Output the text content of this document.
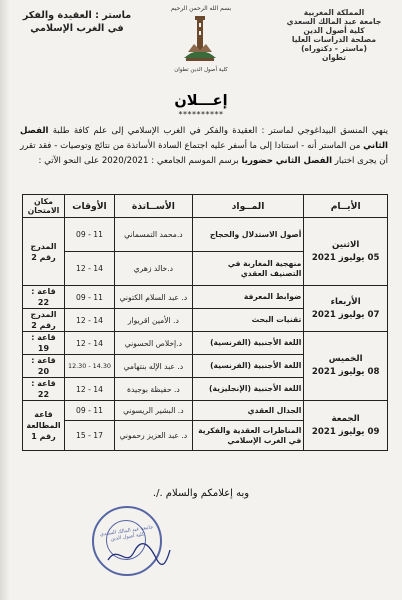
بسم الله الرحمن الرحيم	المملكة المغربية
جامعة عبد المالك السعدي
كلية أصول الدين
مصلحة الدراسات العليا
(ماستر - دكتوراه)
تطوان
ماستر : العقيدة والفكر
في الغرب الإسلامي
كلية أصول الدين تطوان
إعـــلان
**********
ينهي المنسق البيداغوجي لماستر : العقيدة والفكر في الغرب الإسلامي إلى علم كافة طلبة الفصل الثاني من الماستر أنه - استنادا إلى ما أسفر عليه اجتماع السادة الأساتذة من نتائج وتوصيات - فقد تقرر أن يجرى اختبار الفصل الثاني حضوريا برسم الموسم الجامعي : 2020/2021 على النحو الآتي :
الأيــام	المــواد	الأســاتذة	الأوقات	مكان الامتحان

الاثنين
05 يوليوز 2021	أصول الاستدلال والحجاج	د.محمد التمسماني	09 - 11	المدرج رقم 2
	منهجية المغاربة في التصنيف العقدي	د.خالد زهري	12 - 14	

الأربعاء
07 يوليوز 2021	ضوابط المعرفة	د. عبد السلام الكتوني	09 - 11	قاعة : 22
	تقنيات البحث	د. الأمين اقريوار	12 - 14	المدرج رقم 2

الخميس
08 يوليوز 2021	اللغة الأجنبية (الفرنسية)	د.إخلاص الحسوني	12 - 14	قاعة : 19
	اللغة الأجنبية (الفرنسية)	د. عبد الإله بنتهامي	12.30 - 14.30	قاعة : 20
	اللغة الأجنبية (الإنجليزية)	د. حفيظة بوجيدة	12 - 14	قاعة : 22

الجمعة
09 يوليوز 2021	الجدال العقدي	د. البشير الريسوني	09 - 11	قاعة المطالعة رقم 1
	المناظرات العقدية والفكرية في الغرب الإسلامي	د. عبد العزيز رحموني	15 - 17	
وبه إعلامكم والسلام ./.
جامعة عبد المالك السعدي كلية أصول الدين
